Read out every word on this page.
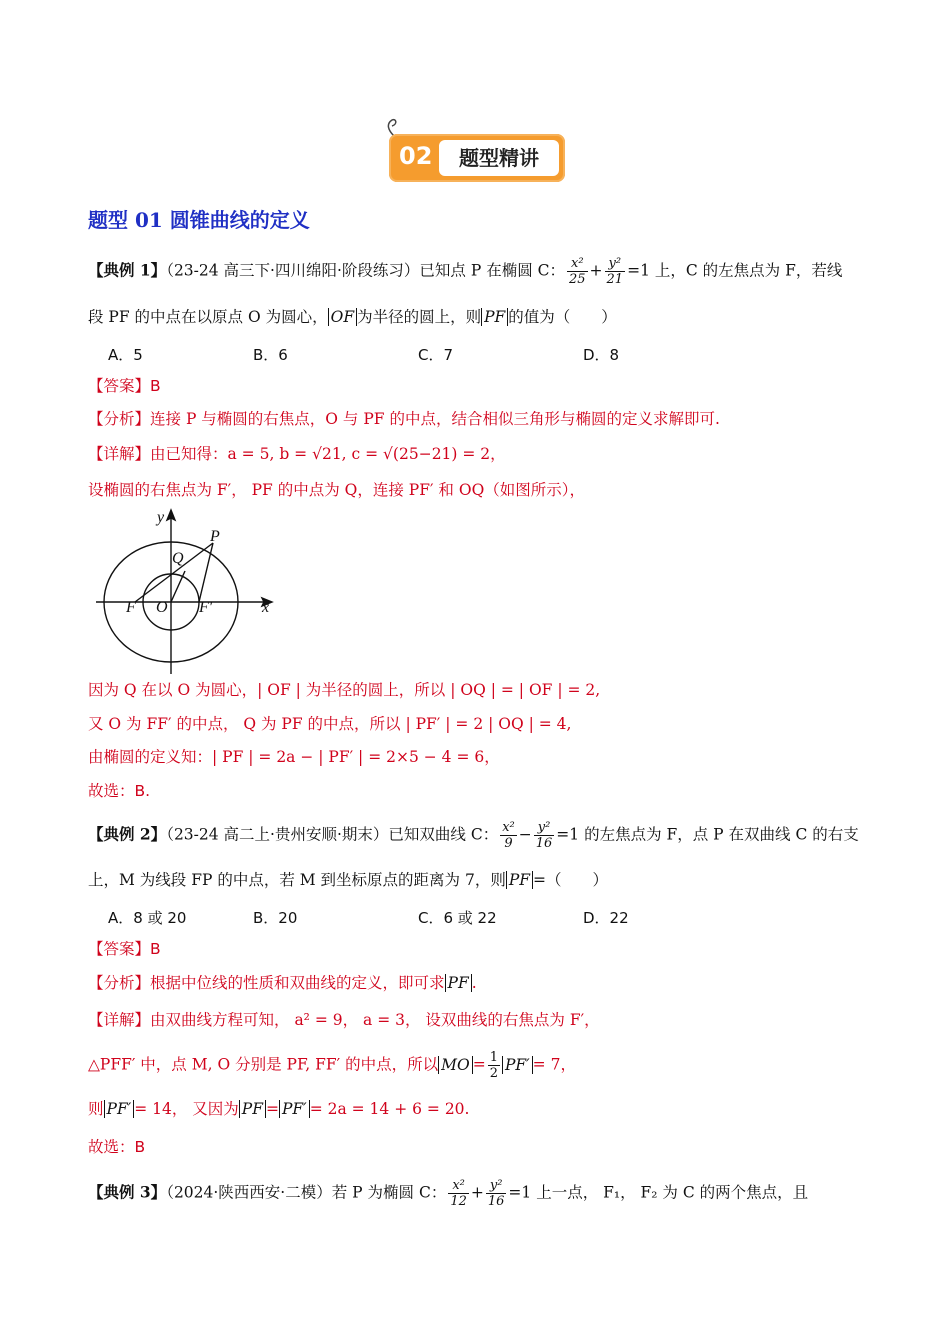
02	题型精讲
题型 01 圆锥曲线的定义
【典例 1】（23-24 高三下·四川绵阳·阶段练习）已知点 P 在椭圆 C： $\frac{\text{x²}}{25} + \frac{\text{y²}}{21} =1$ 上，C 的左焦点为 F，若线
段 PF 的中点在以原点 O 为圆心， OF 为半径的圆上，则 PF 的值为（　　）
A．5	B．6	C．7	D．8
【答案】B
【分析】连接 P 与椭圆的右焦点，O 与 PF 的中点，结合相似三角形与椭圆的定义求解即可.
【详解】由已知得：a = 5, b = √21, c = √(25−21) = 2，
设椭圆的右焦点为 F′， PF 的中点为 Q，连接 PF′ 和 OQ（如图所示），
y
P
Q
F O F′	x
因为 Q 在以 O 为圆心，| OF | 为半径的圆上，所以 | OQ | = | OF | = 2,
又 O 为 FF′ 的中点， Q 为 PF 的中点，所以 | PF′ | = 2 | OQ | = 4,
由椭圆的定义知：| PF | = 2a − | PF′ | = 2×5 − 4 = 6，
故选：B.
【典例 2】（23-24 高二上·贵州安顺·期末）已知双曲线 C： $\frac{\text{x²}}{9} - \frac{\text{y²}}{16} =1$ 的左焦点为 F，点 P 在双曲线 C 的右支
上，M 为线段 FP 的中点，若 M 到坐标原点的距离为 7，则 PF =（　　）
A．8 或 20	B．20	C．6 或 22	D．22
【答案】B
【分析】根据中位线的性质和双曲线的定义，即可求 PF .
【详解】由双曲线方程可知， a² = 9， a = 3， 设双曲线的右焦点为 F′，
△PFF′ 中，点 M, O 分别是 PF, FF′ 的中点，所以 MO = $\frac{1}{2} PF' = 7$，
则 PF′ = 14， 又因为 PF = PF′ = 2a = 14 + 6 = 20.
故选：B
【典例 3】（2024·陕西西安·二模）若 P 为椭圆 C： $\frac{\text{x²}}{12} + \frac{\text{y²}}{16} =1$ 上一点， F₁， F₂ 为 C 的两个焦点，且
